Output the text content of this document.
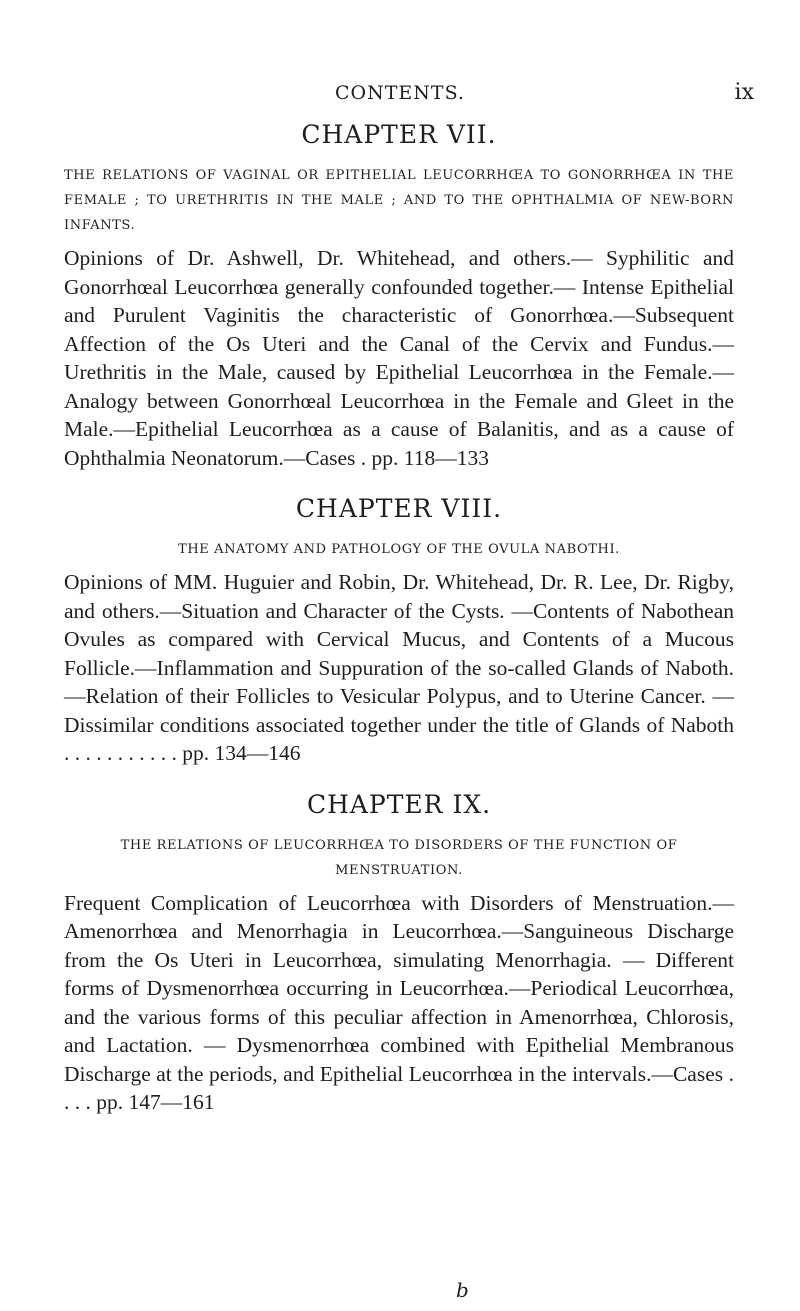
CONTENTS.	ix
CHAPTER VII.
THE RELATIONS OF VAGINAL OR EPITHELIAL LEUCORRHŒA TO GONORRHŒA IN THE FEMALE ; TO URETHRITIS IN THE MALE ; AND TO THE OPHTHALMIA OF NEW-BORN INFANTS.

Opinions of Dr. Ashwell, Dr. Whitehead, and others.— Syphilitic and Gonorrhœal Leucorrhœa generally confounded together.— Intense Epithelial and Purulent Vaginitis the characteristic of Gonorrhœa.—Subsequent Affection of the Os Uteri and the Canal of the Cervix and Fundus.—Urethritis in the Male, caused by Epithelial Leucorrhœa in the Female.—Analogy between Gonorrhœal Leucorrhœa in the Female and Gleet in the Male.—Epithelial Leucorrhœa as a cause of Balanitis, and as a cause of Ophthalmia Neonatorum.—Cases . pp. 118—133

CHAPTER VIII.
THE ANATOMY AND PATHOLOGY OF THE OVULA NABOTHI.

Opinions of MM. Huguier and Robin, Dr. Whitehead, Dr. R. Lee, Dr. Rigby, and others.—Situation and Character of the Cysts. —Contents of Nabothean Ovules as compared with Cervical Mucus, and Contents of a Mucous Follicle.—Inflammation and Suppuration of the so-called Glands of Naboth.—Relation of their Follicles to Vesicular Polypus, and to Uterine Cancer. —Dissimilar conditions associated together under the title of Glands of Naboth . . . . . . . . . . . pp. 134—146

CHAPTER IX.
THE RELATIONS OF LEUCORRHŒA TO DISORDERS OF THE FUNCTION OF MENSTRUATION.

Frequent Complication of Leucorrhœa with Disorders of Menstruation.—Amenorrhœa and Menorrhagia in Leucorrhœa.—Sanguineous Discharge from the Os Uteri in Leucorrhœa, simulating Menorrhagia. — Different forms of Dysmenorrhœa occurring in Leucorrhœa.—Periodical Leucorrhœa, and the various forms of this peculiar affection in Amenorrhœa, Chlorosis, and Lactation. — Dysmenorrhœa combined with Epithelial Membranous Discharge at the periods, and Epithelial Leucorrhœa in the intervals.—Cases . . . . pp. 147—161

b
